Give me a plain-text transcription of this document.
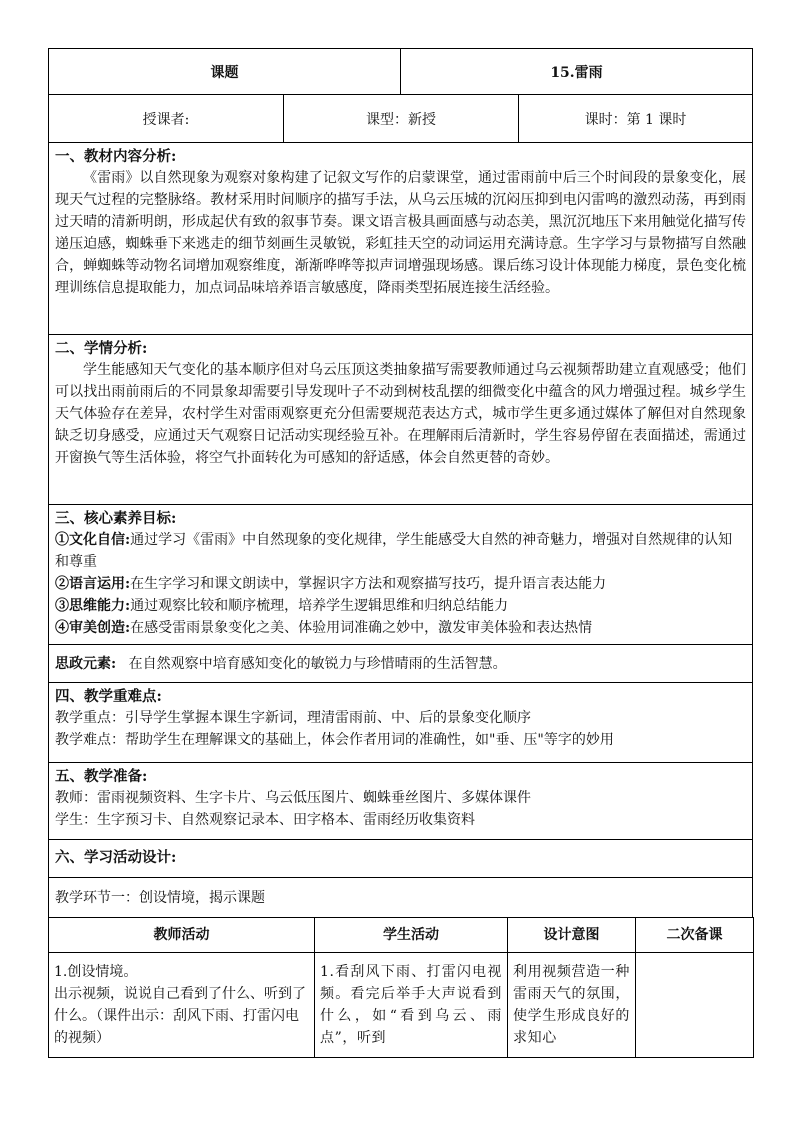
课题	15.雷雨
授课者:	课型：新授	课时：第 1 课时
一、教材内容分析:
《雷雨》以自然现象为观察对象构建了记叙文写作的启蒙课堂，通过雷雨前中后三个时间段的景象变化，展现天气过程的完整脉络。教材采用时间顺序的描写手法，从乌云压城的沉闷压抑到电闪雷鸣的激烈动荡，再到雨过天晴的清新明朗，形成起伏有致的叙事节奏。课文语言极具画面感与动态美，黑沉沉地压下来用触觉化描写传递压迫感，蜘蛛垂下来逃走的细节刻画生灵敏锐，彩虹挂天空的动词运用充满诗意。生字学习与景物描写自然融合，蝉蜘蛛等动物名词增加观察维度，渐渐哗哗等拟声词增强现场感。课后练习设计体现能力梯度，景色变化梳理训练信息提取能力，加点词品味培养语言敏感度，降雨类型拓展连接生活经验。
二、学情分析:
学生能感知天气变化的基本顺序但对乌云压顶这类抽象描写需要教师通过乌云视频帮助建立直观感受；他们可以找出雨前雨后的不同景象却需要引导发现叶子不动到树枝乱摆的细微变化中蕴含的风力增强过程。城乡学生天气体验存在差异，农村学生对雷雨观察更充分但需要规范表达方式，城市学生更多通过媒体了解但对自然现象缺乏切身感受，应通过天气观察日记活动实现经验互补。在理解雨后清新时，学生容易停留在表面描述，需通过开窗换气等生活体验，将空气扑面转化为可感知的舒适感，体会自然更替的奇妙。
三、核心素养目标:
①文化自信:通过学习《雷雨》中自然现象的变化规律，学生能感受大自然的神奇魅力，增强对自然规律的认知和尊重
②语言运用:在生字学习和课文朗读中，掌握识字方法和观察描写技巧，提升语言表达能力
③思维能力:通过观察比较和顺序梳理，培养学生逻辑思维和归纳总结能力
④审美创造:在感受雷雨景象变化之美、体验用词准确之妙中，激发审美体验和表达热情
思政元素: 在自然观察中培育感知变化的敏锐力与珍惜晴雨的生活智慧。
四、教学重难点:
教学重点：引导学生掌握本课生字新词，理清雷雨前、中、后的景象变化顺序
教学难点：帮助学生在理解课文的基础上，体会作者用词的准确性，如"垂、压"等字的妙用
五、教学准备:
教师：雷雨视频资料、生字卡片、乌云低压图片、蜘蛛垂丝图片、多媒体课件
学生：生字预习卡、自然观察记录本、田字格本、雷雨经历收集资料
六、学习活动设计:
教学环节一：创设情境，揭示课题
教师活动	学生活动	设计意图	二次备课

1.创设情境。
出示视频，说说自己看到了什么、听到了什么。（课件出示：刮风下雨、打雷闪电的视频）	1.看刮风下雨、打雷闪电视频。看完后举手大声说看到什么，如“看到乌云、雨点”，听到	利用视频营造一种雷雨天气的氛围，使学生形成良好的求知心	
